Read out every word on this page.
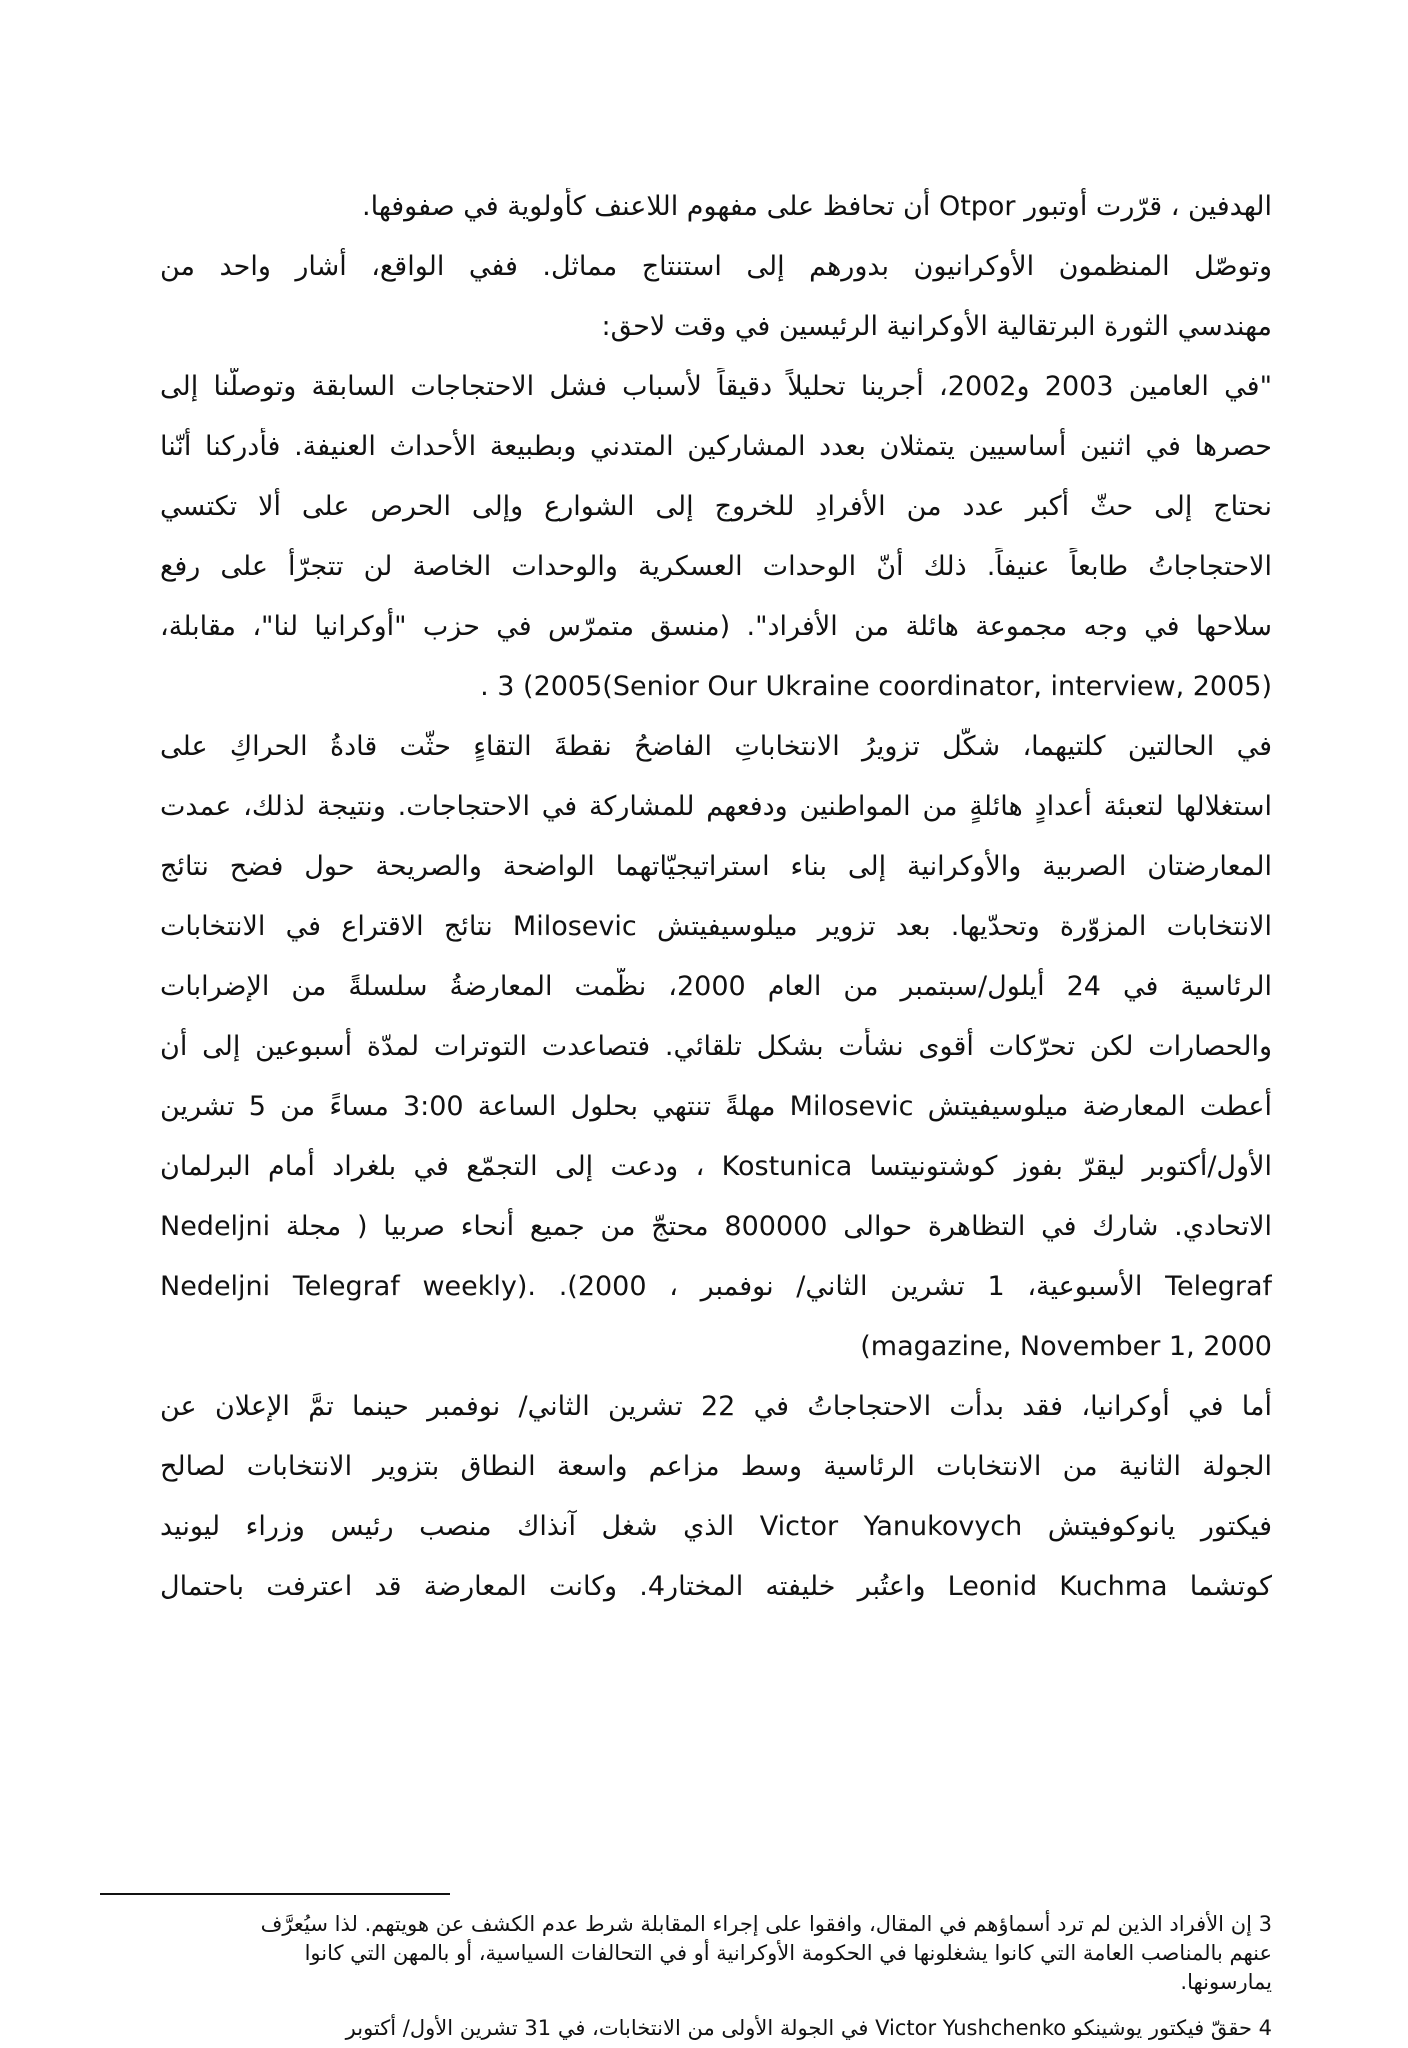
الهدفين ، قرّرت أوتبور Otpor أن تحافظ على مفهوم اللاعنف كأولوية في صفوفها.
وتوصّل المنظمون الأوكرانيون بدورهم إلى استنتاج مماثل. ففي الواقع، أشار واحد من
مهندسي الثورة البرتقالية الأوكرانية الرئيسين في وقت لاحق:
"في العامين 2003 و2002، أجرينا تحليلاً دقيقاً لأسباب فشل الاحتجاجات السابقة وتوصلّنا إلى
حصرها في اثنين أساسيين يتمثلان بعدد المشاركين المتدني وبطبيعة الأحداث العنيفة. فأدركنا أنّنا
نحتاج إلى حثّ أكبر عدد من الأفرادِ للخروج إلى الشوارع وإلى الحرص على ألا تكتسي
الاحتجاجاتُ طابعاً عنيفاً. ذلك أنّ الوحدات العسكرية والوحدات الخاصة لن تتجرّأ على رفع
سلاحها في وجه مجموعة هائلة من الأفراد". (منسق متمرّس في حزب "أوكرانيا لنا"، مقابلة،
(Senior Our Ukraine coordinator, interview, 2005)3 (2005 .
في الحالتين كلتيهما، شكّل تزويرُ الانتخاباتِ الفاضحُ نقطةَ التقاءٍ حثّت قادةُ الحراكِ على
استغلالها لتعبئة أعدادٍ هائلةٍ من المواطنين ودفعهم للمشاركة في الاحتجاجات. ونتيجة لذلك، عمدت
المعارضتان الصربية والأوكرانية إلى بناء استراتيجيّاتهما الواضحة والصريحة حول فضح نتائج
الانتخابات المزوّرة وتحدّيها. بعد تزوير ميلوسيفيتش Milosevic نتائج الاقتراع في الانتخابات
الرئاسية في 24 أيلول/سبتمبر من العام 2000، نظّمت المعارضةُ سلسلةً من الإضرابات
والحصارات لكن تحرّكات أقوى نشأت بشكل تلقائي. فتصاعدت التوترات لمدّة أسبوعين إلى أن
أعطت المعارضة ميلوسيفيتش Milosevic مهلةً تنتهي بحلول الساعة 3:00 مساءً من 5 تشرين
الأول/أكتوبر ليقرّ بفوز كوشتونيتسا Kostunica ، ودعت إلى التجمّع في بلغراد أمام البرلمان
الاتحادي. شارك في التظاهرة حوالى 800000 محتجّ من جميع أنحاء صربيا ( مجلة Nedeljni
Telegraf الأسبوعية، 1 تشرين الثاني/ نوفمبر ، 2000). .(Nedeljni Telegraf weekly
magazine, November 1, 2000)
أما في أوكرانيا، فقد بدأت الاحتجاجاتُ في 22 تشرين الثاني/ نوفمبر حينما تمَّ الإعلان عن
الجولة الثانية من الانتخابات الرئاسية وسط مزاعم واسعة النطاق بتزوير الانتخابات لصالح
فيكتور يانوكوفيتش Victor Yanukovych الذي شغل آنذاك منصب رئيس وزراء ليونيد
كوتشما Leonid Kuchma واعتُبر خليفته المختار4. وكانت المعارضة قد اعترفت باحتمال
3 إن الأفراد الذين لم ترد أسماؤهم في المقال، وافقوا على إجراء المقابلة شرط عدم الكشف عن هويتهم. لذا سيُعرَّف
عنهم بالمناصب العامة التي كانوا يشغلونها في الحكومة الأوكرانية أو في التحالفات السياسية، أو بالمهن التي كانوا
يمارسونها.
4 حققّ فيكتور يوشينكو Victor Yushchenko في الجولة الأولى من الانتخابات، في 31 تشرين الأول/ أكتوبر
